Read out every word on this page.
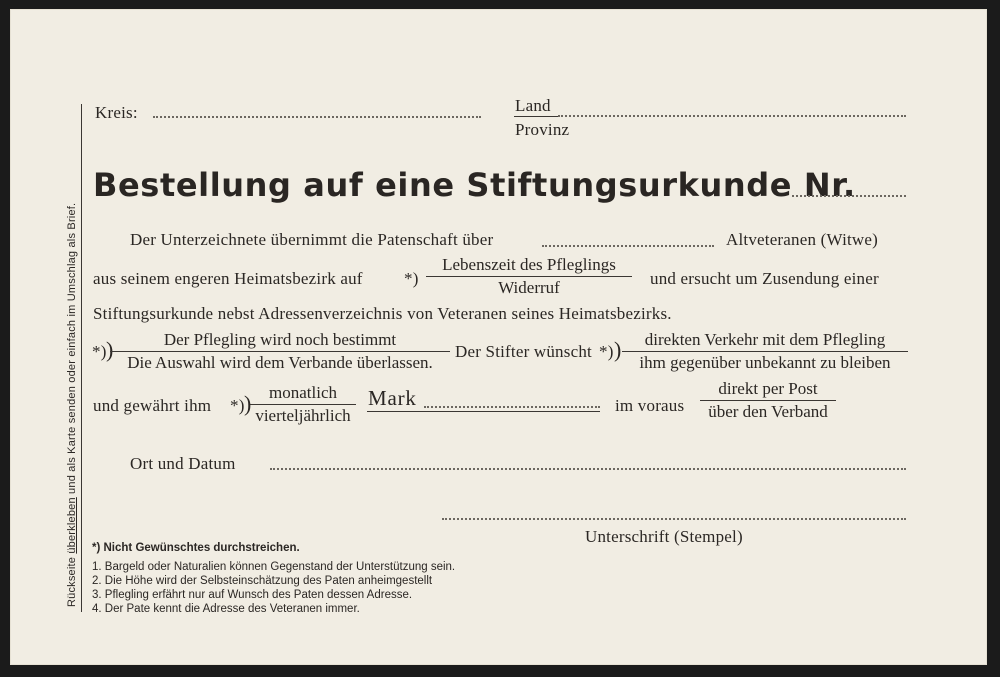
Rückseite überkleben und als Karte senden oder einfach im Umschlag als Brief.
Kreis:	Land
Provinz
Bestellung auf eine Stiftungsurkunde Nr.
Der Unterzeichnete übernimmt die Patenschaft über	Altveteranen (Witwe)
aus seinem engeren Heimatsbezirk auf *)
Lebenszeit des Pfleglings
Widerruf	und ersucht um Zusendung einer
Stiftungsurkunde nebst Adressenverzeichnis von Veteranen seines Heimatsbezirks.
*) )	Der Pflegling wird noch bestimmt
Die Auswahl wird dem Verbande überlassen.
Der Stifter wünscht *) )	direkten Verkehr mit dem Pflegling
ihm gegenüber unbekannt zu bleiben
und gewährt ihm *) )	monatlich
vierteljährlich
Mark	im voraus
direkt per Post
über den Verband
Ort und Datum
Unterschrift (Stempel)
*) Nicht Gewünschtes durchstreichen.
1. Bargeld oder Naturalien können Gegenstand der Unterstützung sein.
2. Die Höhe wird der Selbsteinschätzung des Paten anheimgestellt
3. Pflegling erfährt nur auf Wunsch des Paten dessen Adresse.
4. Der Pate kennt die Adresse des Veteranen immer.
